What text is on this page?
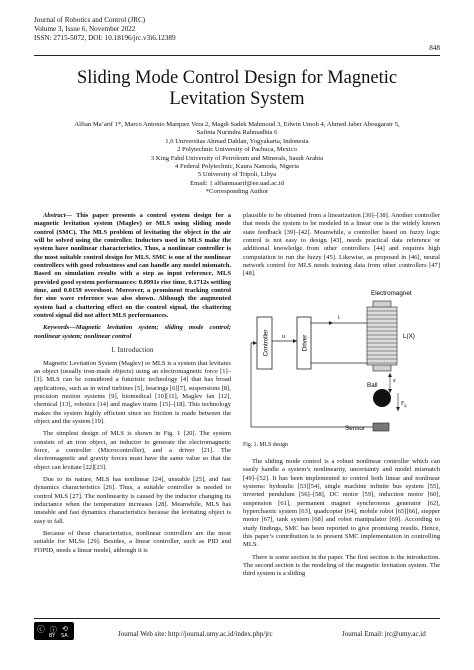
Journal of Robotics and Control (JRC)
Volume 3, Issue 6, November 2022
ISSN: 2715-5072, DOI: 10.18196/jrc.v3i6.12389
848
Sliding Mode Control Design for Magnetic
Levitation System
Alfian Ma’arif 1*, Marco Antonio Marquez Vera 2, Magdi Sadek Mahmoud 3, Edwin Umoh 4, Ahmed Jaber Abougarair 5,
Safinta Nurindra Rahmadhia 6
1,6 Universitas Ahmad Dahlan, Yogyakarta, Indonesia
2 Polytechnic University of Pachuca, Mexico
3 King Fahd University of Petroleum and Minerals, Saudi Arabia
4 Federal Polytechnic, Kaura Namoda, Nigeria
5 University of Tripoli, Libya
Email: 1 alfianmaarif@ee.uad.ac.id
*Corresponding Author

Abstract— This paper presents a control system design for a magnetic levitation system (Maglev) or MLS using sliding mode control (SMC). The MLS problem of levitating the object in the air will be solved using the controller. Inductors used in MLS make the system have nonlinear characteristics. Thus, a nonlinear controller is the most suitable control design for MLS. SMC is one of the nonlinear controllers with good robustness and can handle any model mismatch. Based on simulation results with a step as input reference, MLS provided good system performances: 0.0991s rise time, 0.1712s settling time, and 0.0159 overshoot. Moreover, a prominent tracking control for sine wave reference was also shown. Although the augmented system had a chattering effect on the control signal, the chattering control signal did not affect MLS performances.

Keywords—Magnetic levitation system; sliding mode control; nonlinear system; nonlinear control

I. Introduction

Magnetic Levitation System (Maglev) or MLS is a system that levitates an object (usually iron-made objects) using an electromagnetic force [1]–[3]. MLS can be considered a futuristic technology [4] that has broad applications, such as in wind turbines [5], bearings [6][7], suspensions [8], precision motion systems [9], biomedical [10][11], Maglev fan [12], chemical [13], robotics [14] and maglev trains [15]–[18]. This technology makes the system highly efficient since no friction is made between the object and the system [19].

The simplest design of MLS is shown in Fig. 1 [20]. The system consists of an iron object, an inductor to generate the electromagnetic force, a controller (Microcontroller), and a driver [21]. The electromagnetic and gravity forces must have the same value so that the object can levitate [22][23].

Due to its nature, MLS has nonlinear [24], unstable [25], and fast dynamics characteristics [26]. Thus, a suitable controller is needed to control MLS [27]. The nonlinearity is caused by the inductor changing its inductance when the temperature increases [28]. Meanwhile, MLS has unstable and fast dynamics characteristics because the levitating object is easy to fall.

Because of these characteristics, nonlinear controllers are the most suitable for MLSs [29]. Besides, a linear controller, such as PID and FOPID, needs a linear model, although it is

plausible to be obtained from a linearization [30]–[38]. Another controller that needs the system to be modeled in a linear one is the widely known state feedback [39]–[42]. Meanwhile, a controller based on fuzzy logic control is not easy to design [43], needs practical data reference or additional knowledge from other controllers [44] and requires high computation to run the fuzzy [45]. Likewise, as proposed in [46], neural network control for MLS needs training data from other controllers [47][48].

Controller u	Driver
i
Electromagnet
L(X)
x
Ball
$F_g$
Sensor
Fig. 1. MLS design

The sliding mode control is a robust nonlinear controller which can easily handle a system’s nonlinearity, uncertainty and model mismatch [49]–[52]. It has been implemented to control both linear and nonlinear systems: hydraulic [53][54], single machine infinite bus system [55], inverted pendulum [56]–[58], DC motor [59], induction motor [60], suspension [61], permanent magnet synchronous generator [62], hyperchaotic system [63], quadcopter [64], mobile robot [65][66], stepper motor [67], tank system [68] and robot manipulator [69]. According to study findings, SMC has been reported to give promising results. Hence, this paper’s contribution is to present SMC implementation in controlling MLS.

There is some section in the paper. The first section is the introduction. The second section is the modeling of the magnetic levitation system. The third system is a sliding

ⓒ ⓘ ⟲
BY SA	Journal Web site: http://journal.umy.ac.id/index.php/jrc	Journal Email: jrc@umy.ac.id
